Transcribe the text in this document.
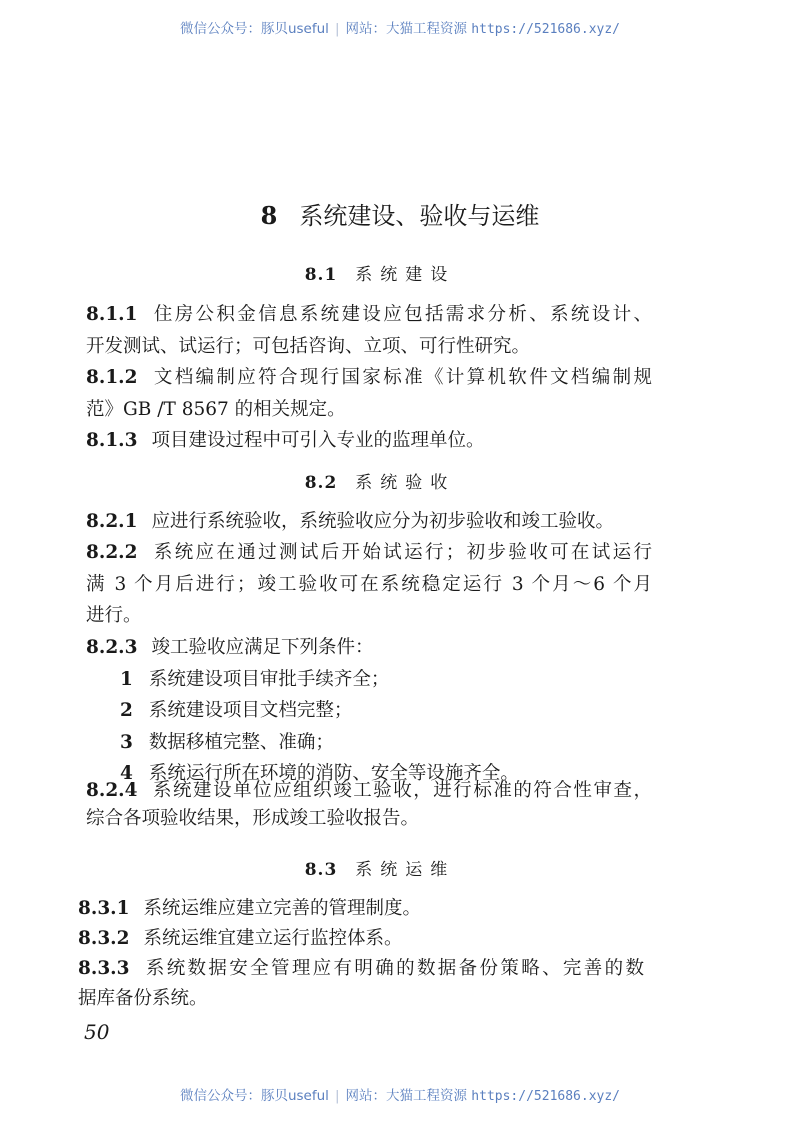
微信公众号：豚贝useful | 网站：大猫工程资源 https://521686.xyz/
8 系统建设、验收与运维
8.1 系统建设
8.1.1 住房公积金信息系统建设应包括需求分析、系统设计、
开发测试、试运行；可包括咨询、立项、可行性研究。
8.1.2 文档编制应符合现行国家标准《计算机软件文档编制规
范》GB /T 8567 的相关规定。
8.1.3 项目建设过程中可引入专业的监理单位。
8.2 系统验收
8.2.1 应进行系统验收，系统验收应分为初步验收和竣工验收。
8.2.2 系统应在通过测试后开始试运行；初步验收可在试运行
满 3 个月后进行；竣工验收可在系统稳定运行 3 个月～6 个月
进行。
8.2.3 竣工验收应满足下列条件：
1 系统建设项目审批手续齐全；
2 系统建设项目文档完整；
3 数据移植完整、准确；
4 系统运行所在环境的消防、安全等设施齐全。
8.2.4 系统建设单位应组织竣工验收，进行标准的符合性审查，
综合各项验收结果，形成竣工验收报告。
8.3 系统运维
8.3.1 系统运维应建立完善的管理制度。
8.3.2 系统运维宜建立运行监控体系。
8.3.3 系统数据安全管理应有明确的数据备份策略、完善的数
据库备份系统。
50
微信公众号：豚贝useful | 网站：大猫工程资源 https://521686.xyz/
